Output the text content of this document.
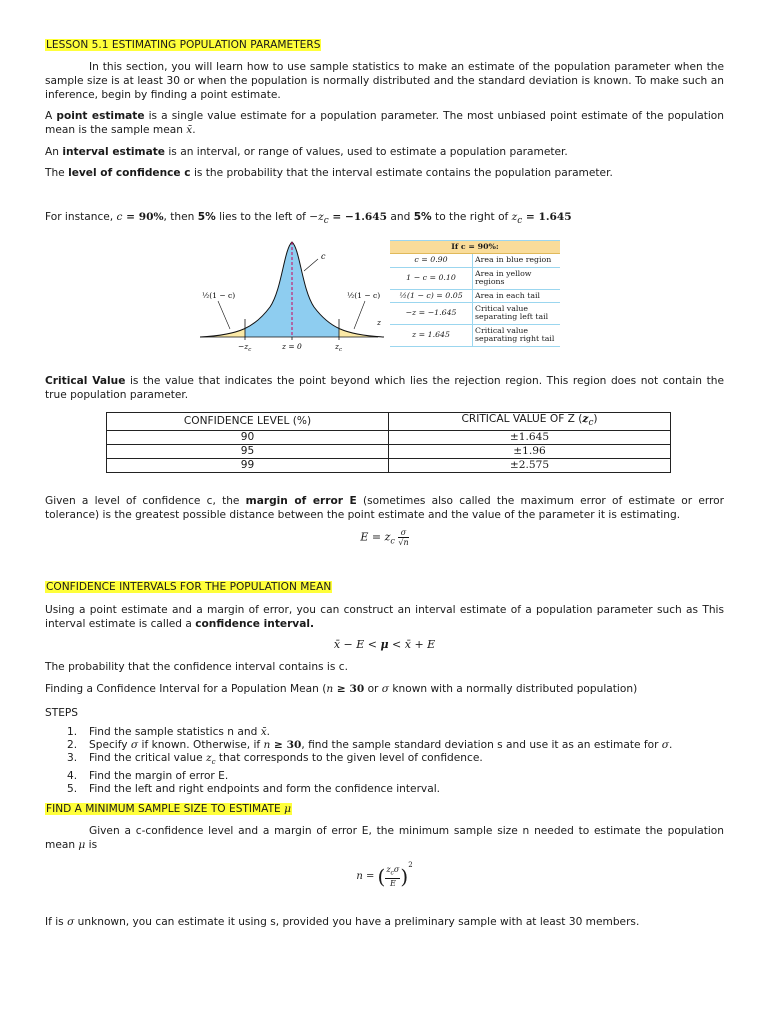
LESSON 5.1 ESTIMATING POPULATION PARAMETERS

In this section, you will learn how to use sample statistics to make an estimate of the population parameter when the sample size is at least 30 or when the population is normally distributed and the standard deviation is known. To make such an inference, begin by finding a point estimate.

A point estimate is a single value estimate for a population parameter. The most unbiased point estimate of the population mean is the sample mean x̄.

An interval estimate is an interval, or range of values, used to estimate a population parameter.

The level of confidence c is the probability that the interval estimate contains the population parameter.

For instance, c = 90%, then 5% lies to the left of $-z_c = -1.645$ and 5% to the right of $z_c = 1.645$

c
½(1 − c)	½(1 − c)
z
$-z_c$	z = 0	$z_c$
If c = 90%:	
c = 0.90	Area in blue region
1 − c = 0.10	Area in yellow regions
½(1 − c) = 0.05	Area in each tail
−z = −1.645	Critical value separating left tail
z = 1.645	Critical value separating right tail

Critical Value is the value that indicates the point beyond which lies the rejection region. This region does not contain the true population parameter.

CONFIDENCE LEVEL (%)	CRITICAL VALUE OF Z $(z_c)$
90	±1.645
95	±1.96
99	±2.575

Given a level of confidence c, the margin of error E (sometimes also called the maximum error of estimate or error tolerance) is the greatest possible distance between the point estimate and the value of the parameter it is estimating.

$E = z_c \frac{\sigma}{√n}$
CONFIDENCE INTERVALS FOR THE POPULATION MEAN

Using a point estimate and a margin of error, you can construct an interval estimate of a population parameter such as This interval estimate is called a confidence interval.

x̄ − E < μ < x̄ + E

The probability that the confidence interval contains is c.

Finding a Confidence Interval for a Population Mean (n ≥ 30 or σ known with a normally distributed population)

STEPS

1. Find the sample statistics n and x̄.
2. Specify σ if known. Otherwise, if n ≥ 30, find the sample standard deviation s and use it as an estimate for σ.
3. Find the critical value $z_c$ that corresponds to the given level of confidence.
4. Find the margin of error E.
5. Find the left and right endpoints and form the confidence interval.
FIND A MINIMUM SAMPLE SIZE TO ESTIMATE μ

Given a c-confidence level and a margin of error E, the minimum sample size n needed to estimate the population mean μ is

n = ( $z_c\sigma$
E )$^2$

If is σ unknown, you can estimate it using s, provided you have a preliminary sample with at least 30 members.
